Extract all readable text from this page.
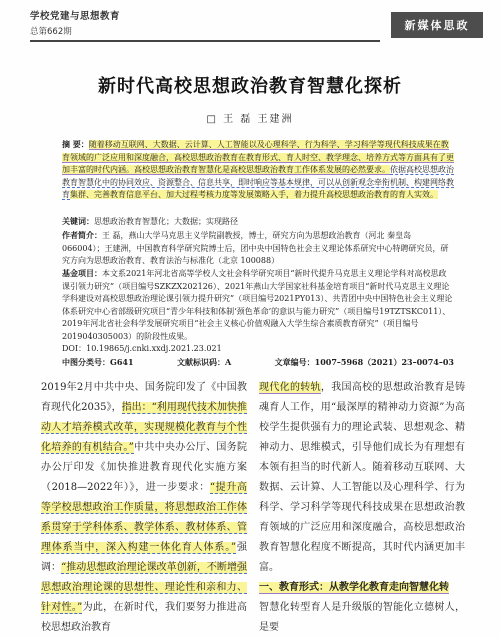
学校党建与思想教育
总第662期	新媒体思政
新时代高校思想政治教育智慧化探析
□ 王 磊 王建洲
摘 要：随着移动互联网、大数据、云计算、人工智能以及心理科学、行为科学、学习科学等现代科技成果在教育领域的广泛应用和深度融合，高校思想政治教育在教育形式、育人时空、教学理念、培养方式等方面具有了更加丰富的时代内涵。高校思想政治教育智慧化是高校思想政治教育工作体系发展的必然要求。依据高校思想政治教育智慧化中的协同效应、资源整合、信息共享，即时响应等基本规律，可以从创新观念牵衔机制、构建网络教育集群、完善教育信息平台、加大过程考核力度等发展策略入手，着力提升高校思想政治教育的育人实效。
关键词：思想政治教育智慧化；大数据；实现路径
作者简介：王 磊，燕山大学马克思主义学院副教授，博士，研究方向为思想政治教育（河北 秦皇岛 066004）；王建洲，中国教育科学研究院博士后，团中央中国特色社会主义理论体系研究中心特聘研究员，研究方向为思想政治教育、教育法治与标准化（北京 100088）
基金项目：本文系2021年河北省高等学校人文社会科学研究项目“新时代提升马克思主义理论学科对高校思政课引领力研究”（项目编号SZKZX202126）、2021年燕山大学国家社科基金培育项目“新时代马克思主义理论学科建设对高校思想政治理论课引领力提升研究”（项目编号2021PY013）、共青团中央中国特色社会主义理论体系研究中心省部级研究项目“青少年科技和体制‘颈色革命’的意识与能力研究”（项目编号19TZTSKC011）、2019年河北省社会科学发展研究项目“社会主义核心价值观融入大学生综合素质教育研究”（项目编号2019040305003）的阶段性成果。
DOI：10.19865/j.cnki.xxdj.2021.23.021
中图分类号：G641	文献标识码：A	文章编号：1007–5968（2021）23–0074–03
2019年2月中共中央、国务院印发了《中国教育现代化2035》，指出：“利用现代技术加快推动人才培养模式改革，实现规模化教育与个性化培养的有机结合。”中共中央办公厅、国务院办公厅印发《加快推进教育现代化实施方案（2018—2022年）》，进一步要求：“提升高等学校思想政治工作质量，将思想政治工作体系贯穿于学科体系、教学体系、教材体系、管理体系当中，深入构建一体化育人体系。”强调：“推动思想政治理论课改革创新，不断增强思想政治理论课的思想性、理论性和亲和力、针对性。”为此，在新时代，我们要努力推进高校思想政治教育
现代化的转轨，我国高校的思想政治教育是铸魂育人工作，用“最深厚的精神动力资源”为高校学生提供强有力的理论武装、思想观念、精神动力、思维模式，引导他们成长为有理想有本领有担当的时代新人。随着移动互联网、大数据、云计算、人工智能以及心理科学、行为科学、学习科学等现代科技成果在思想政治教育领域的广泛应用和深度融合，高校思想政治教育智慧化程度不断提高，其时代内涵更加丰富。
一、教育形式：从教学化教育走向智慧化转
智慧化转型育人是升级版的智能化立德树人，是要
